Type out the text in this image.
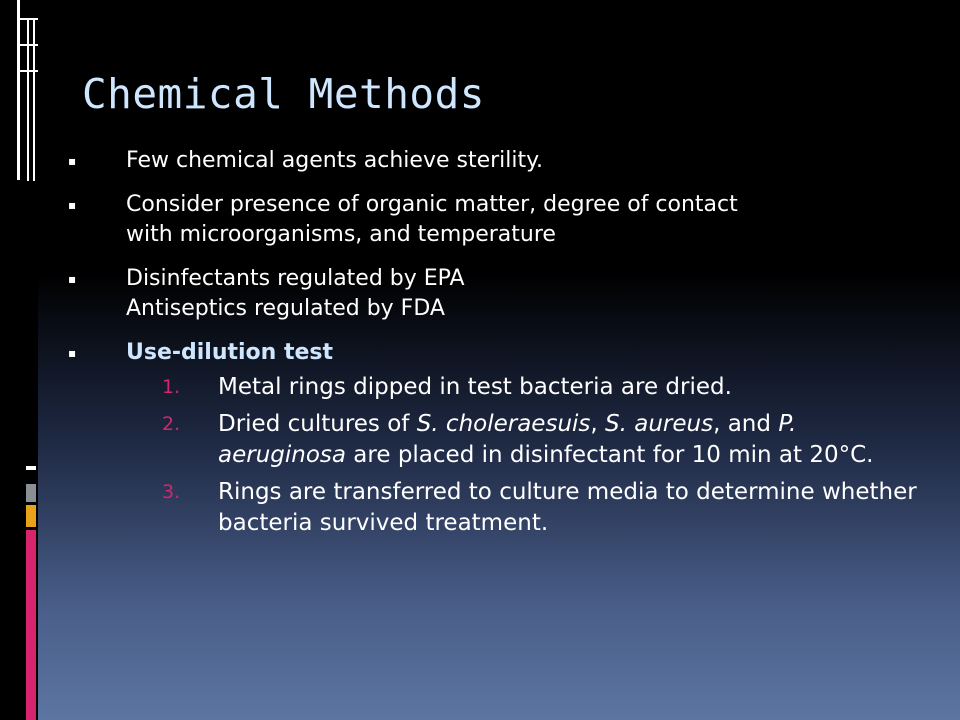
Chemical Methods
▪	Few chemical agents achieve sterility.
▪	Consider presence of organic matter, degree of contact
with microorganisms, and temperature
▪	Disinfectants regulated by EPA
Antiseptics regulated by FDA
▪	Use-dilution test
1.	Metal rings dipped in test bacteria are dried.
2.	Dried cultures of S. choleraesuis, S. aureus, and P. aeruginosa are placed in disinfectant for 10 min at 20°C.
3.	Rings are transferred to culture media to determine whether bacteria survived treatment.
